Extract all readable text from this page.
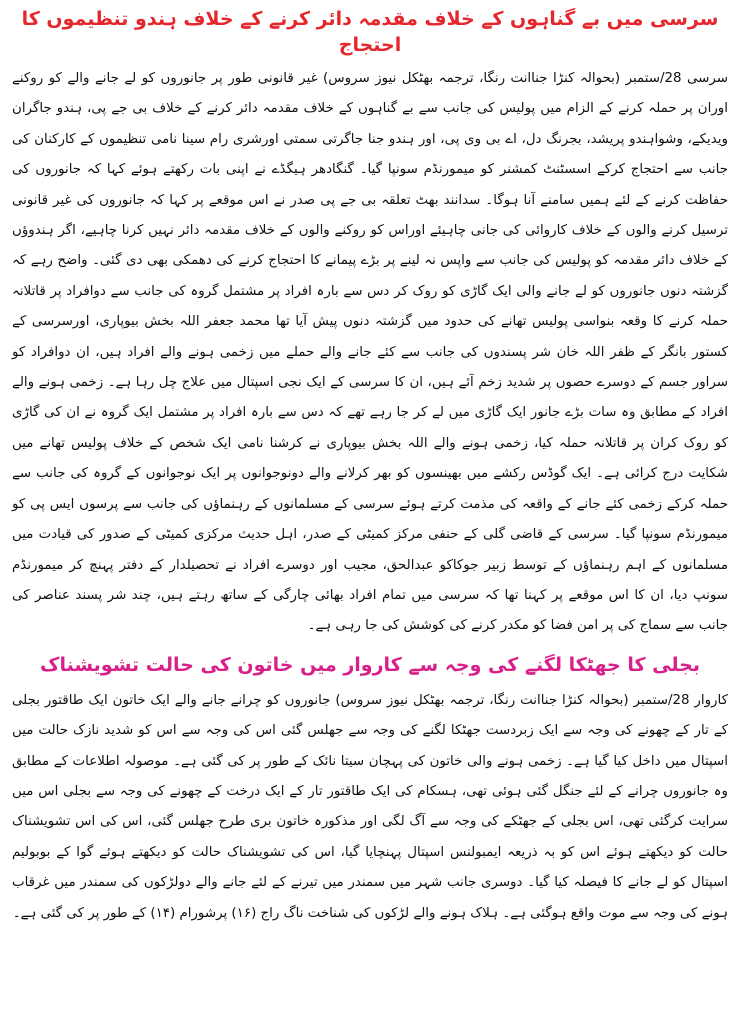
سرسی میں بے گناہوں کے خلاف مقدمہ دائر کرنے کے خلاف ہندو تنظیموں کا احتجاج

سرسی 28/ستمبر (بحوالہ کنڑا جناانت رنگا، ترجمہ بھٹکل نیوز سروس) غیر قانونی طور پر جانوروں کو لے جانے والے کو روکنے اوران پر حملہ کرنے کے الزام میں پولیس کی جانب سے بے گناہوں کے خلاف مقدمہ دائر کرنے کے خلاف بی جے پی، ہندو جاگران ویدیکے، وشواہندو پریشد، بجرنگ دل، اے بی وی پی، اور ہندو جنا جاگرتی سمتی اورشری رام سینا نامی تنظیموں کے کارکنان کی جانب سے احتجاج کرکے اسسٹنٹ کمشنر کو میمورنڈم سونپا گیا۔ گنگادھر ہیگڈے نے اپنی بات رکھتے ہوئے کہا کہ جانوروں کی حفاظت کرنے کے لئے ہمیں سامنے آنا ہوگا۔ سدانند بھٹ تعلقہ بی جے پی صدر نے اس موقعے پر کہا کہ جانوروں کی غیر قانونی ترسیل کرنے والوں کے خلاف کاروائی کی جانی چاہیئے اوراس کو روکنے والوں کے خلاف مقدمہ دائر نہیں کرنا چاہیے، اگر ہندوؤں کے خلاف دائر مقدمہ کو پولیس کی جانب سے واپس نہ لینے پر بڑے پیمانے کا احتجاج کرنے کی دھمکی بھی دی گئی۔ واضح رہے کہ گزشتہ دنوں جانوروں کو لے جانے والی ایک گاڑی کو روک کر دس سے بارہ افراد پر مشتمل گروہ کی جانب سے دوافراد پر قاتلانہ حملہ کرنے کا وقعہ بنواسی پولیس تھانے کی حدود میں گزشتہ دنوں پیش آیا تھا محمد جعفر اللہ بخش بیوپاری، اورسرسی کے کستور بانگر کے ظفر اللہ خان شر پسندوں کی جانب سے کئے جانے والے حملے میں زخمی ہونے والے افراد ہیں، ان دوافراد کو سراور جسم کے دوسرے حصوں پر شدید زخم آئے ہیں، ان کا سرسی کے ایک نجی اسپتال میں علاج چل رہا ہے۔ زخمی ہونے والے افراد کے مطابق وہ سات بڑے جانور ایک گاڑی میں لے کر جا رہے تھے کہ دس سے بارہ افراد پر مشتمل ایک گروہ نے ان کی گاڑی کو روک کران پر قاتلانہ حملہ کیا، زخمی ہونے والے اللہ بخش بیوپاری نے کرشنا نامی ایک شخص کے خلاف پولیس تھانے میں شکایت درج کرائی ہے۔ ایک گوڈس رکشے میں بھینسوں کو بھر کرلانے والے دونوجوانوں پر ایک نوجوانوں کے گروہ کی جانب سے حملہ کرکے زخمی کئے جانے کے واقعہ کی مذمت کرتے ہوئے سرسی کے مسلمانوں کے رہنماؤں کی جانب سے پرسوں ایس پی کو میمورنڈم سونپا گیا۔ سرسی کے قاضی گلی کے حنفی مرکز کمیٹی کے صدر، اہل حدیث مرکزی کمیٹی کے صدور کی قیادت میں مسلمانوں کے اہم رہنماؤں کے توسط زبیر جوکاکو عبدالحق، مجیب اور دوسرے افراد نے تحصیلدار کے دفتر پہنچ کر میمورنڈم سونپ دیا، ان کا اس موقعے پر کہنا تھا کہ سرسی میں تمام افراد بھائی چارگی کے ساتھ رہتے ہیں، چند شر پسند عناصر کی جانب سے سماج کی پر امن فضا کو مکدر کرنے کی کوشش کی جا رہی ہے۔

بجلی کا جھٹکا لگنے کی وجہ سے کاروار میں خاتون کی حالت تشویشناک

کاروار 28/ستمبر (بحوالہ کنڑا جناانت رنگا، ترجمہ بھٹکل نیوز سروس) جانوروں کو چرانے جانے والے ایک خاتون ایک طاقتور بجلی کے تار کے چھونے کی وجہ سے ایک زبردست جھٹکا لگنے کی وجہ سے جھلس گئی اس کی وجہ سے اس کو شدید نازک حالت میں اسپتال میں داخل کیا گیا ہے۔ زخمی ہونے والی خاتون کی پہچان سیتا نائک کے طور پر کی گئی ہے۔ موصولہ اطلاعات کے مطابق وہ جانوروں چرانے کے لئے جنگل گئی ہوئی تھی، ہسکام کی ایک طاقتور تار کے ایک درخت کے چھونے کی وجہ سے بجلی اس میں سرایت کرگئی تھی، اس بجلی کے جھٹکے کی وجہ سے آگ لگی اور مذکورہ خاتون بری طرح جھلس گئی، اس کی اس تشویشناک حالت کو دیکھتے ہوئے اس کو بہ ذریعہ ایمبولنس اسپتال پہنچایا گیا، اس کی تشویشناک حالت کو دیکھتے ہوئے گوا کے بوبولیم اسپتال کو لے جانے کا فیصلہ کیا گیا۔ دوسری جانب شہر میں سمندر میں تیرنے کے لئے جانے والے دولڑکوں کی سمندر میں غرقاب ہونے کی وجہ سے موت واقع ہوگئی ہے۔ ہلاک ہونے والے لڑکوں کی شناخت ناگ راج (۱۶) پرشورام (۱۴) کے طور پر کی گئی ہے۔
